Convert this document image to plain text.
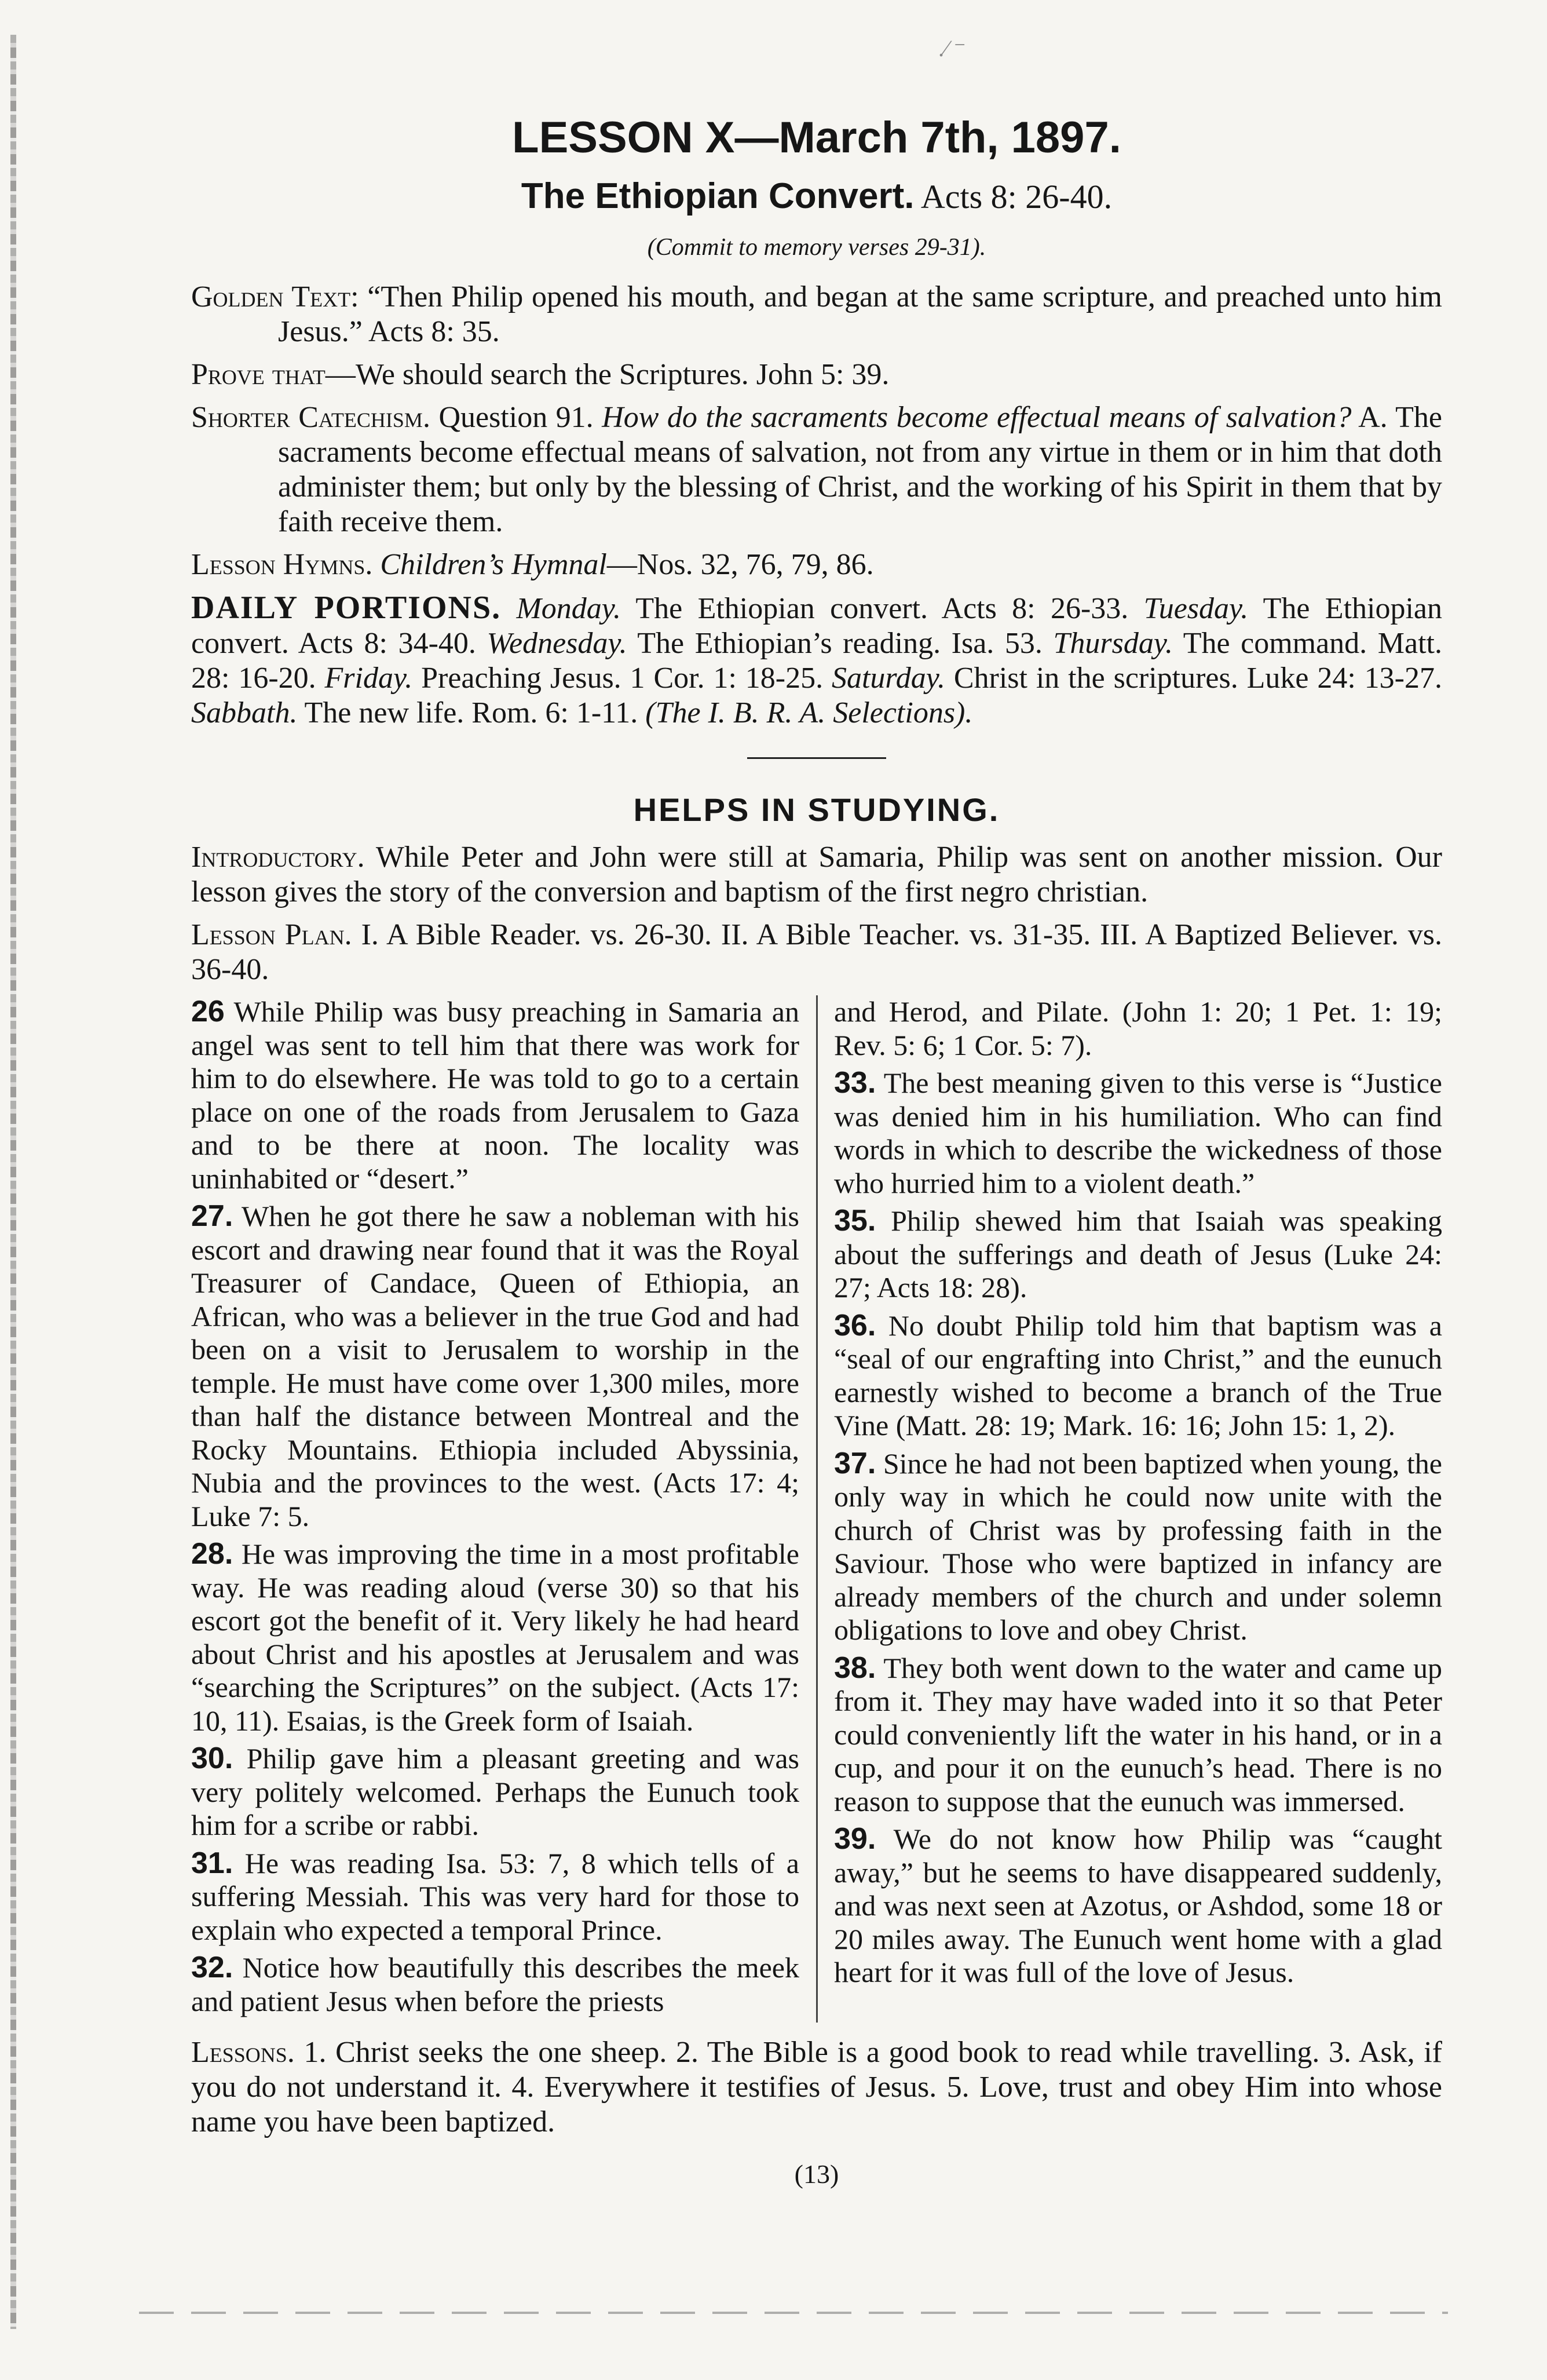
.⁄ ⁻
LESSON X—March 7th, 1897.
The Ethiopian Convert. Acts 8: 26-40.
(Commit to memory verses 29-31).

Golden Text: “Then Philip opened his mouth, and began at the same scripture, and preached unto him Jesus.” Acts 8: 35.

Prove that—We should search the Scriptures. John 5: 39.

Shorter Catechism. Question 91. How do the sacraments become effectual means of salvation? A. The sacraments become effectual means of salvation, not from any virtue in them or in him that doth administer them; but only by the blessing of Christ, and the working of his Spirit in them that by faith receive them.

Lesson Hymns. Children’s Hymnal—Nos. 32, 76, 79, 86.

DAILY PORTIONS. Monday. The Ethiopian convert. Acts 8: 26-33. Tuesday. The Ethiopian convert. Acts 8: 34-40. Wednesday. The Ethiopian’s reading. Isa. 53. Thursday. The command. Matt. 28: 16-20. Friday. Preaching Jesus. 1 Cor. 1: 18-25. Saturday. Christ in the scriptures. Luke 24: 13-27. Sabbath. The new life. Rom. 6: 1-11. (The I. B. R. A. Selections).

HELPS IN STUDYING.

Introductory. While Peter and John were still at Samaria, Philip was sent on another mission. Our lesson gives the story of the conversion and baptism of the first negro christian.

Lesson Plan. I. A Bible Reader. vs. 26-30. II. A Bible Teacher. vs. 31-35. III. A Baptized Believer. vs. 36-40.

26 While Philip was busy preaching in Samaria an angel was sent to tell him that there was work for him to do elsewhere. He was told to go to a certain place on one of the roads from Jerusalem to Gaza and to be there at noon. The locality was uninhabited or “desert.”

27. When he got there he saw a nobleman with his escort and drawing near found that it was the Royal Treasurer of Candace, Queen of Ethiopia, an African, who was a believer in the true God and had been on a visit to Jerusalem to worship in the temple. He must have come over 1,300 miles, more than half the distance between Montreal and the Rocky Mountains. Ethiopia included Abyssinia, Nubia and the provinces to the west. (Acts 17: 4; Luke 7: 5.

28. He was improving the time in a most profitable way. He was reading aloud (verse 30) so that his escort got the benefit of it. Very likely he had heard about Christ and his apostles at Jerusalem and was “searching the Scriptures” on the subject. (Acts 17: 10, 11). Esaias, is the Greek form of Isaiah.

30. Philip gave him a pleasant greeting and was very politely welcomed. Perhaps the Eunuch took him for a scribe or rabbi.

31. He was reading Isa. 53: 7, 8 which tells of a suffering Messiah. This was very hard for those to explain who expected a temporal Prince.

32. Notice how beautifully this describes the meek and patient Jesus when before the priests

and Herod, and Pilate. (John 1: 20; 1 Pet. 1: 19; Rev. 5: 6; 1 Cor. 5: 7).

33. The best meaning given to this verse is “Justice was denied him in his humiliation. Who can find words in which to describe the wickedness of those who hurried him to a violent death.”

35. Philip shewed him that Isaiah was speaking about the sufferings and death of Jesus (Luke 24: 27; Acts 18: 28).

36. No doubt Philip told him that baptism was a “seal of our engrafting into Christ,” and the eunuch earnestly wished to become a branch of the True Vine (Matt. 28: 19; Mark. 16: 16; John 15: 1, 2).

37. Since he had not been baptized when young, the only way in which he could now unite with the church of Christ was by professing faith in the Saviour. Those who were baptized in infancy are already members of the church and under solemn obligations to love and obey Christ.

38. They both went down to the water and came up from it. They may have waded into it so that Peter could conveniently lift the water in his hand, or in a cup, and pour it on the eunuch’s head. There is no reason to suppose that the eunuch was immersed.

39. We do not know how Philip was “caught away,” but he seems to have disappeared suddenly, and was next seen at Azotus, or Ashdod, some 18 or 20 miles away. The Eunuch went home with a glad heart for it was full of the love of Jesus.

Lessons. 1. Christ seeks the one sheep. 2. The Bible is a good book to read while travelling. 3. Ask, if you do not understand it. 4. Everywhere it testifies of Jesus. 5. Love, trust and obey Him into whose name you have been baptized.

(13)
